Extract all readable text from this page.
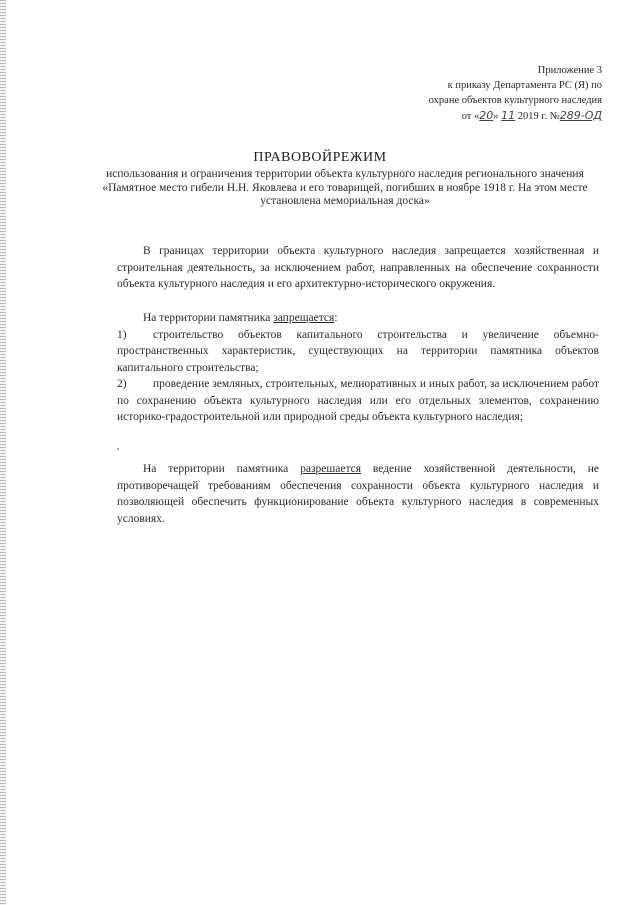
Приложение 3
к приказу Департамента РС (Я) по
охране объектов культурного наследия
от «20» 11 2019 г. №289-ОД
ПРАВОВОЙРЕЖИМ
использования и ограничения территории объекта культурного наследия регионального значения
«Памятное место гибели Н.Н. Яковлева и его товарищей, погибших в ноябре 1918 г. На этом месте установлена мемориальная доска»
В границах территории объекта культурного наследия запрещается хозяйственная и строительная деятельность, за исключением работ, направленных на обеспечение сохранности объекта культурного наследия и его архитектурно-исторического окружения.
На территории памятника запрещается:
1) строительство объектов капитального строительства и увеличение объемно-пространственных характеристик, существующих на территории памятника объектов капитального строительства;
2) проведение земляных, строительных, мелиоративных и иных работ, за исключением работ по сохранению объекта культурного наследия или его отдельных элементов, сохранению историко-градостроительной или природной среды объекта культурного наследия;
На территории памятника разрешается ведение хозяйственной деятельности, не противоречащей требованиям обеспечения сохранности объекта культурного наследия и позволяющей обеспечить функционирование объекта культурного наследия в современных условиях.
